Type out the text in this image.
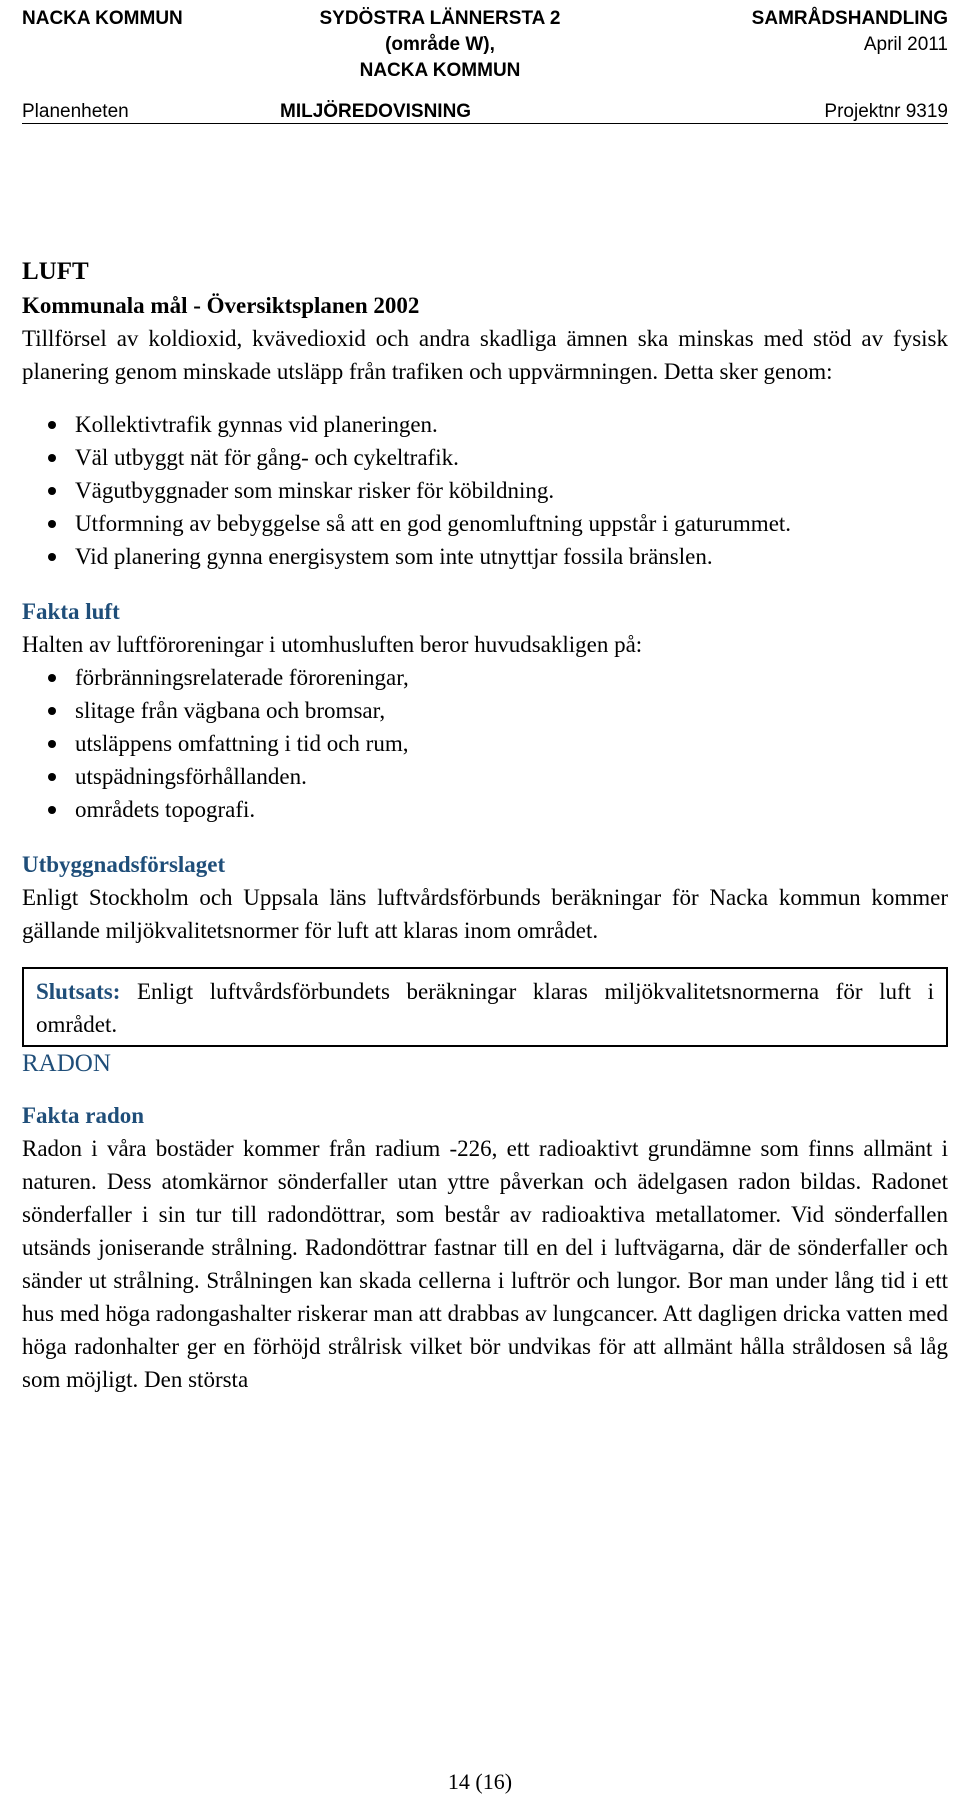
NACKA KOMMUN
Planenheten
SYDÖSTRA LÄNNERSTA 2 (område W),
NACKA KOMMUN
MILJÖREDOVISNING
SAMRÅDSHANDLING
April 2011
Projektnr 9319

LUFT

Kommunala mål - Översiktsplanen 2002

Tillförsel av koldioxid, kvävedioxid och andra skadliga ämnen ska minskas med stöd av fysisk planering genom minskade utsläpp från trafiken och uppvärmningen. Detta sker genom:

Kollektivtrafik gynnas vid planeringen.
Väl utbyggt nät för gång- och cykeltrafik.
Vägutbyggnader som minskar risker för köbildning.
Utformning av bebyggelse så att en god genomluftning uppstår i gaturummet.
Vid planering gynna energisystem som inte utnyttjar fossila bränslen.

Fakta luft

Halten av luftföroreningar i utomhusluften beror huvudsakligen på:

förbränningsrelaterade föroreningar,
slitage från vägbana och bromsar,
utsläppens omfattning i tid och rum,
utspädningsförhållanden.
områdets topografi.

Utbyggnadsförslaget

Enligt Stockholm och Uppsala läns luftvårdsförbunds beräkningar för Nacka kommun kommer gällande miljökvalitetsnormer för luft att klaras inom området.

Slutsats: Enligt luftvårdsförbundets beräkningar klaras miljökvalitetsnormerna för luft i området.

RADON

Fakta radon

Radon i våra bostäder kommer från radium -226, ett radioaktivt grundämne som finns allmänt i naturen. Dess atomkärnor sönderfaller utan yttre påverkan och ädelgasen radon bildas. Radonet sönderfaller i sin tur till radondöttrar, som består av radioaktiva metallatomer. Vid sönderfallen utsänds joniserande strålning. Radondöttrar fastnar till en del i luftvägarna, där de sönderfaller och sänder ut strålning. Strålningen kan skada cellerna i luftrör och lungor. Bor man under lång tid i ett hus med höga radongashalter riskerar man att drabbas av lungcancer. Att dagligen dricka vatten med höga radonhalter ger en förhöjd strålrisk vilket bör undvikas för att allmänt hålla stråldosen så låg som möjligt. Den största

14 (16)
